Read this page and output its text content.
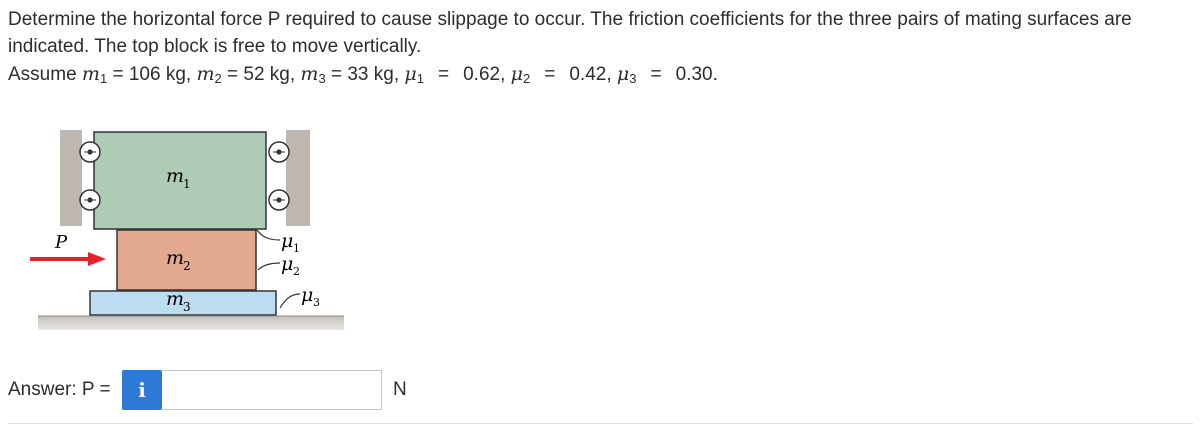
Determine the horizontal force P required to cause slippage to occur. The friction coefficients for the three pairs of mating surfaces are indicated. The top block is free to move vertically.

Assume $m_1 = 106$ kg, $m_2 = 52$ kg, $m_3 = 33$ kg, $\mu_1 = 0.62$, $\mu_2 = 0.42$, $\mu_3 = 0.30$.
P
m
1
m
2
m
3
μ 1
μ 2
μ 3
Answer: P = i	N
